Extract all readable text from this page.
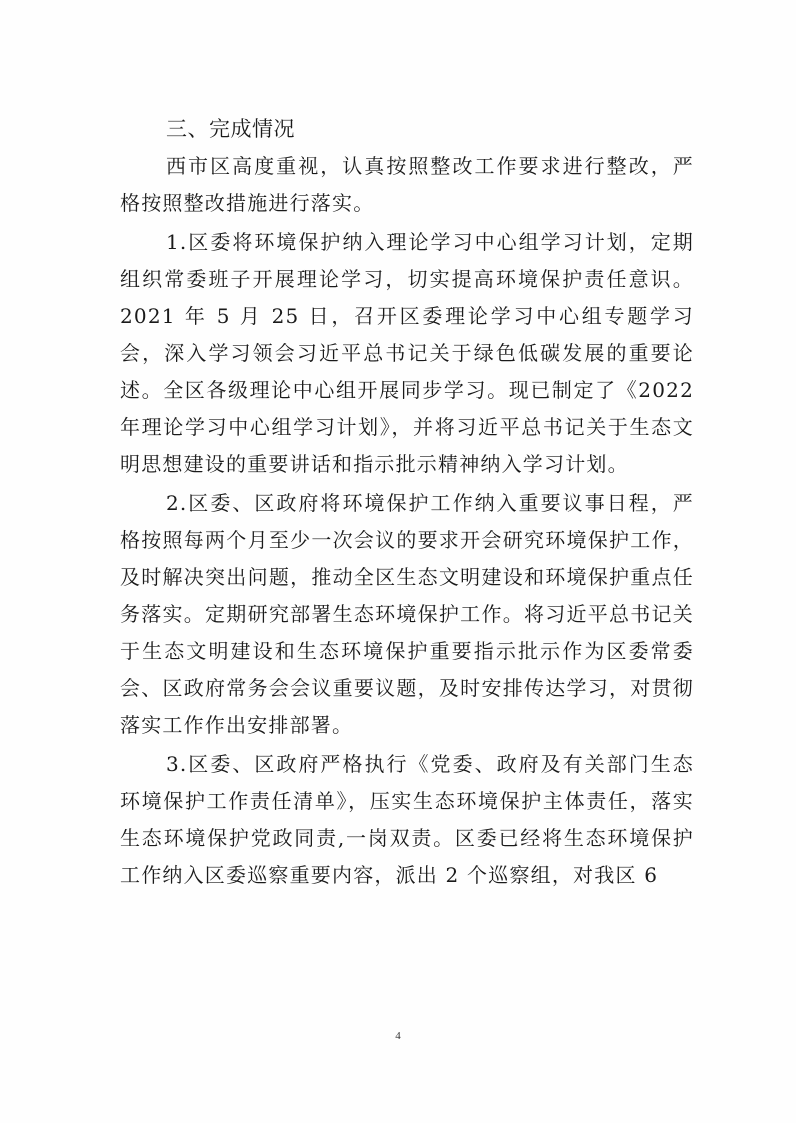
三、完成情况

西市区高度重视，认真按照整改工作要求进行整改，严格按照整改措施进行落实。

1.区委将环境保护纳入理论学习中心组学习计划，定期组织常委班子开展理论学习，切实提高环境保护责任意识。2021 年 5 月 25 日，召开区委理论学习中心组专题学习会，深入学习领会习近平总书记关于绿色低碳发展的重要论述。全区各级理论中心组开展同步学习。现已制定了《2022 年理论学习中心组学习计划》，并将习近平总书记关于生态文明思想建设的重要讲话和指示批示精神纳入学习计划。

2.区委、区政府将环境保护工作纳入重要议事日程，严格按照每两个月至少一次会议的要求开会研究环境保护工作，及时解决突出问题，推动全区生态文明建设和环境保护重点任务落实。定期研究部署生态环境保护工作。将习近平总书记关于生态文明建设和生态环境保护重要指示批示作为区委常委会、区政府常务会会议重要议题，及时安排传达学习，对贯彻落实工作作出安排部署。

3.区委、区政府严格执行《党委、政府及有关部门生态环境保护工作责任清单》，压实生态环境保护主体责任，落实生态环境保护党政同责,一岗双责。区委已经将生态环境保护工作纳入区委巡察重要内容，派出 2 个巡察组，对我区 6

4
